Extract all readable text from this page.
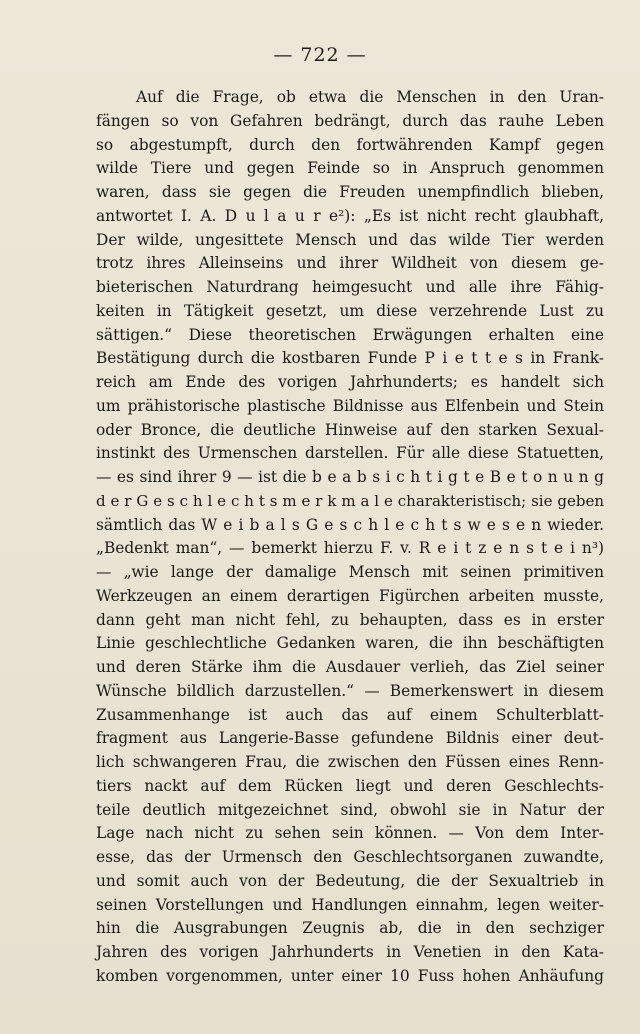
— 722 —
Auf die Frage, ob etwa die Menschen in den Uran-
fängen so von Gefahren bedrängt, durch das rauhe Leben
so abgestumpft, durch den fortwährenden Kampf gegen
wilde Tiere und gegen Feinde so in Anspruch genommen
waren, dass sie gegen die Freuden unempfindlich blieben,
antwortet I. A. D u l a u r e²): „Es ist nicht recht glaubhaft,
Der wilde, ungesittete Mensch und das wilde Tier werden
trotz ihres Alleinseins und ihrer Wildheit von diesem ge-
bieterischen Naturdrang heimgesucht und alle ihre Fähig-
keiten in Tätigkeit gesetzt, um diese verzehrende Lust zu
sättigen.“ Diese theoretischen Erwägungen erhalten eine
Bestätigung durch die kostbaren Funde P i e t t e s in Frank-
reich am Ende des vorigen Jahrhunderts; es handelt sich
um prähistorische plastische Bildnisse aus Elfenbein und Stein
oder Bronce, die deutliche Hinweise auf den starken Sexual-
instinkt des Urmenschen darstellen. Für alle diese Statuetten,
— es sind ihrer 9 — ist die b e a b s i c h t i g t e B e t o n u n g
d e r G e s c h l e c h t s m e r k m a l e charakteristisch; sie geben
sämtlich das W e i b a l s G e s c h l e c h t s w e s e n wieder.
„Bedenkt man“, — bemerkt hierzu F. v. R e i t z e n s t e i n³)
— „wie lange der damalige Mensch mit seinen primitiven
Werkzeugen an einem derartigen Figürchen arbeiten musste,
dann geht man nicht fehl, zu behaupten, dass es in erster
Linie geschlechtliche Gedanken waren, die ihn beschäftigten
und deren Stärke ihm die Ausdauer verlieh, das Ziel seiner
Wünsche bildlich darzustellen.“ — Bemerkenswert in diesem
Zusammenhange ist auch das auf einem Schulterblatt-
fragment aus Langerie-Basse gefundene Bildnis einer deut-
lich schwangeren Frau, die zwischen den Füssen eines Renn-
tiers nackt auf dem Rücken liegt und deren Geschlechts-
teile deutlich mitgezeichnet sind, obwohl sie in Natur der
Lage nach nicht zu sehen sein können. — Von dem Inter-
esse, das der Urmensch den Geschlechtsorganen zuwandte,
und somit auch von der Bedeutung, die der Sexualtrieb in
seinen Vorstellungen und Handlungen einnahm, legen weiter-
hin die Ausgrabungen Zeugnis ab, die in den sechziger
Jahren des vorigen Jahrhunderts in Venetien in den Kata-
komben vorgenommen, unter einer 10 Fuss hohen Anhäufung
